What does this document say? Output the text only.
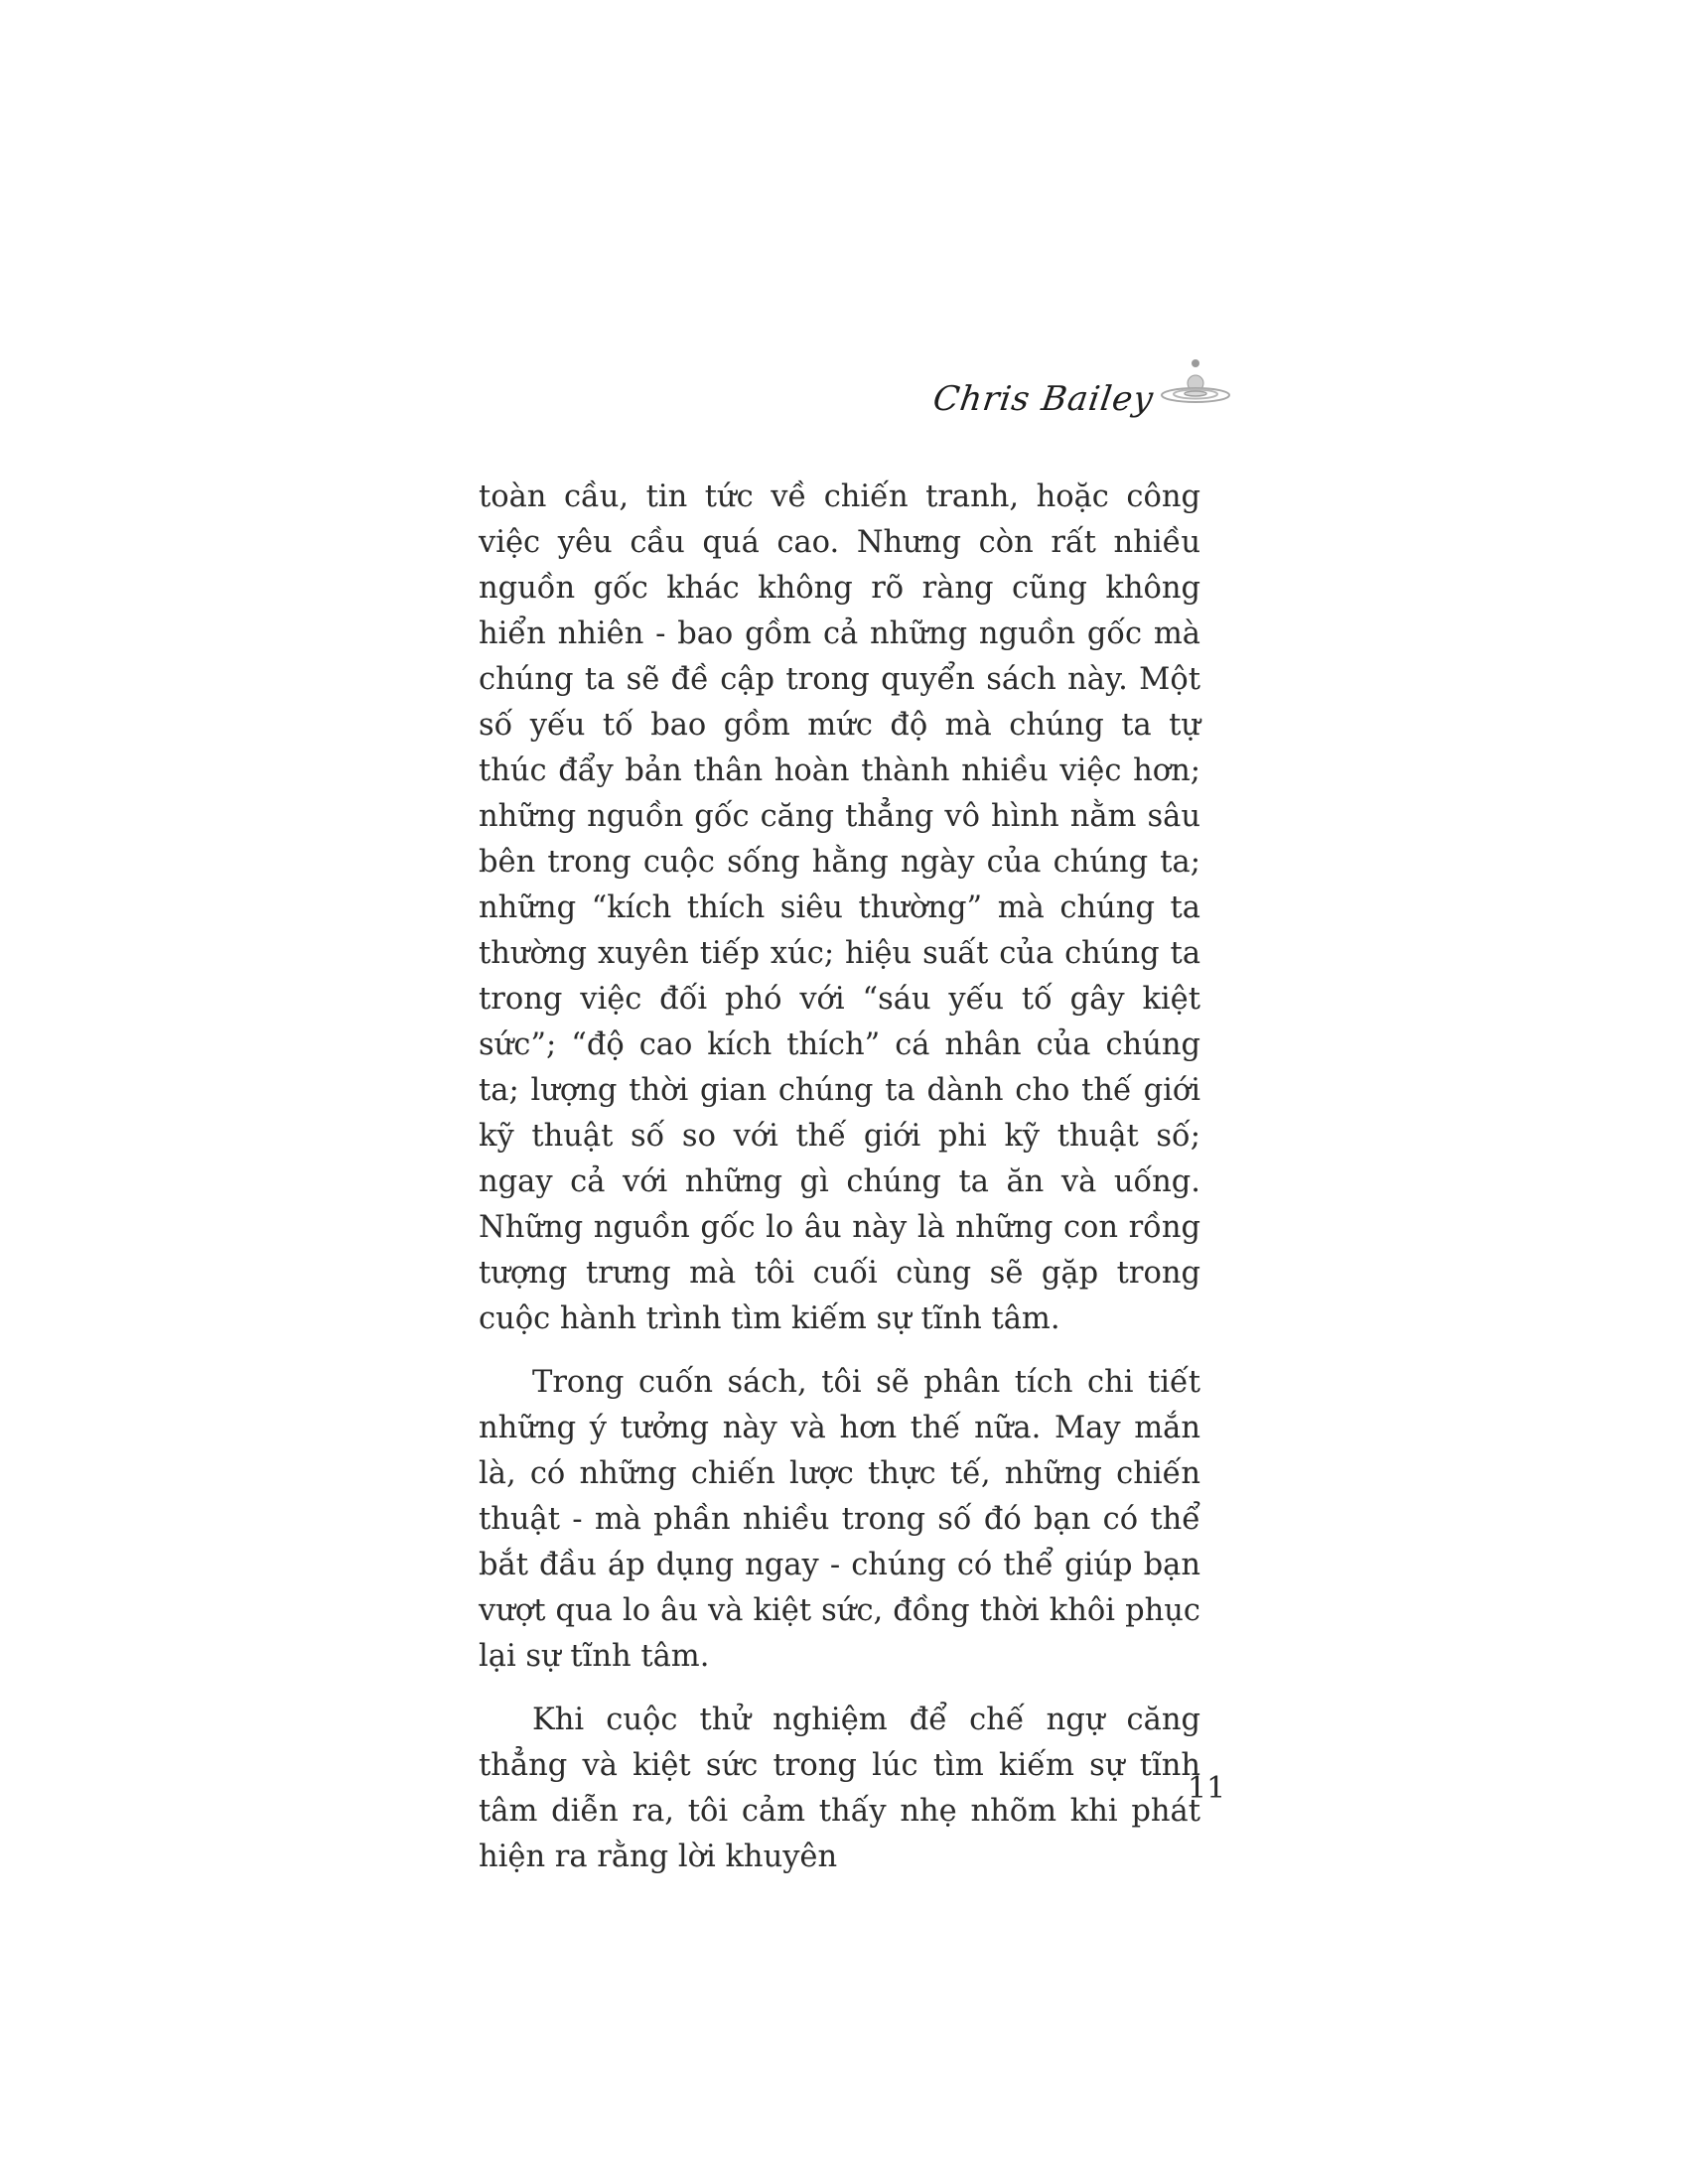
Chris Bailey

toàn cầu, tin tức về chiến tranh, hoặc công việc yêu cầu quá cao. Nhưng còn rất nhiều nguồn gốc khác không rõ ràng cũng không hiển nhiên - bao gồm cả những nguồn gốc mà chúng ta sẽ đề cập trong quyển sách này. Một số yếu tố bao gồm mức độ mà chúng ta tự thúc đẩy bản thân hoàn thành nhiều việc hơn; những nguồn gốc căng thẳng vô hình nằm sâu bên trong cuộc sống hằng ngày của chúng ta; những “kích thích siêu thường” mà chúng ta thường xuyên tiếp xúc; hiệu suất của chúng ta trong việc đối phó với “sáu yếu tố gây kiệt sức”; “độ cao kích thích” cá nhân của chúng ta; lượng thời gian chúng ta dành cho thế giới kỹ thuật số so với thế giới phi kỹ thuật số; ngay cả với những gì chúng ta ăn và uống. Những nguồn gốc lo âu này là những con rồng tượng trưng mà tôi cuối cùng sẽ gặp trong cuộc hành trình tìm kiếm sự tĩnh tâm.

Trong cuốn sách, tôi sẽ phân tích chi tiết những ý tưởng này và hơn thế nữa. May mắn là, có những chiến lược thực tế, những chiến thuật - mà phần nhiều trong số đó bạn có thể bắt đầu áp dụng ngay - chúng có thể giúp bạn vượt qua lo âu và kiệt sức, đồng thời khôi phục lại sự tĩnh tâm.

Khi cuộc thử nghiệm để chế ngự căng thẳng và kiệt sức trong lúc tìm kiếm sự tĩnh tâm diễn ra, tôi cảm thấy nhẹ nhõm khi phát hiện ra rằng lời khuyên

11
